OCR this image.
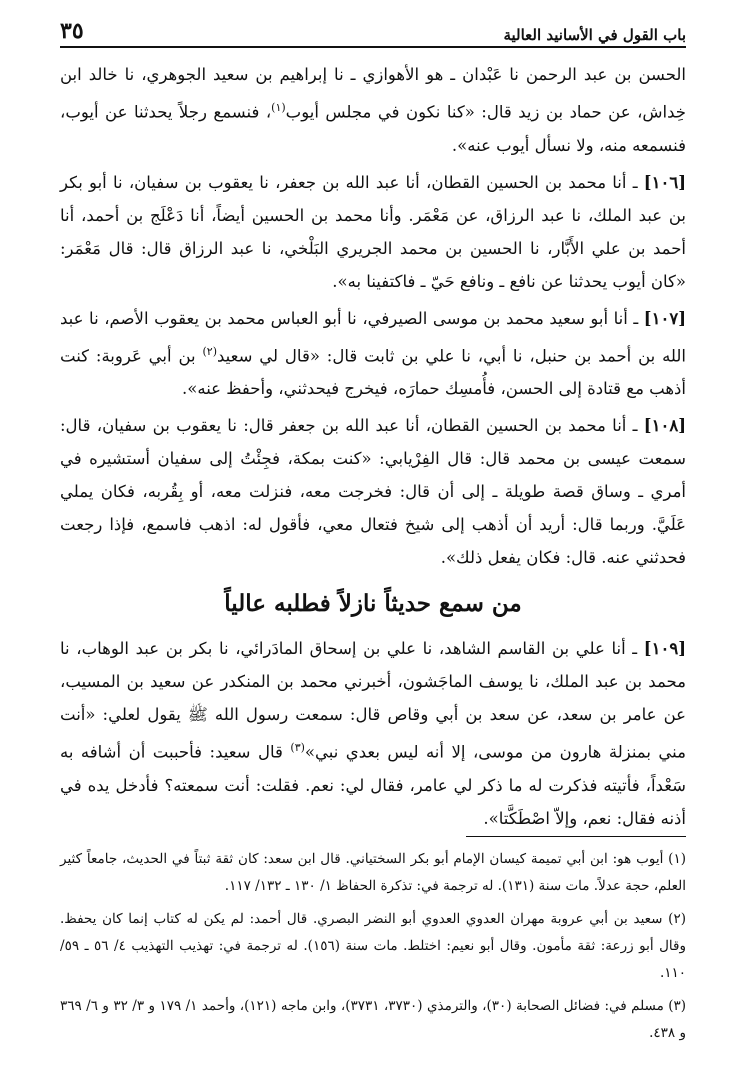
باب القول في الأسانيد العالية
٣٥

الحسن بن عبد الرحمن نا عَبْدان ـ هو الأهوازي ـ نا إبراهيم بن سعيد الجوهري، نا خالد ابن خِداش، عن حماد بن زيد قال: «كنا نكون في مجلس أيوب$^{(١)}$، فنسمع رجلاً يحدثنا عن أيوب، فنسمعه منه، ولا نسأل أيوب عنه».

[١٠٦] ـ أنا محمد بن الحسين القطان، أنا عبد الله بن جعفر، نا يعقوب بن سفيان، نا أبو بكر بن عبد الملك، نا عبد الرزاق، عن مَعْمَر. وأنا محمد بن الحسين أيضاً، أنا دَعْلَج بن أحمد، أنا أحمد بن علي الأَبَّار، نا الحسين بن محمد الجريري البَلْخي، نا عبد الرزاق قال: قال مَعْمَر: «كان أيوب يحدثنا عن نافع ـ ونافع حَيّ ـ فاكتفينا به».

[١٠٧] ـ أنا أبو سعيد محمد بن موسى الصيرفي، نا أبو العباس محمد بن يعقوب الأصم، نا عبد الله بن أحمد بن حنبل، نا أبي، نا علي بن ثابت قال: «قال لي سعيد$^{(٢)}$ بن أبي عَروبة: كنت أذهب مع قتادة إلى الحسن، فأُمسِك حمارَه، فيخرج فيحدثني، وأحفظ عنه».

[١٠٨] ـ أنا محمد بن الحسين القطان، أنا عبد الله بن جعفر قال: نا يعقوب بن سفيان، قال: سمعت عيسى بن محمد قال: قال الفِرْيابي: «كنت بمكة، فجِئْتُ إلى سفيان أستشيره في أمري ـ وساق قصة طويلة ـ إلى أن قال: فخرجت معه، فنزلت معه، أو بِقُربه، فكان يملي عَلَيَّ. وربما قال: أريد أن أذهب إلى شيخ فتعال معي، فأقول له: اذهب فاسمع، فإذا رجعت فحدثني عنه. قال: فكان يفعل ذلك».

من سمع حديثاً نازلاً فطلبه عالياً

[١٠٩] ـ أنا علي بن القاسم الشاهد، نا علي بن إسحاق المادَرائي، نا بكر بن عبد الوهاب، نا محمد بن عبد الملك، نا يوسف الماجَشون، أخبرني محمد بن المنكدر عن سعيد بن المسيب، عن عامر بن سعد، عن سعد بن أبي وقاص قال: سمعت رسول الله ﷺ يقول لعلي: «أنت مني بمنزلة هارون من موسى، إلا أنه ليس بعدي نبي»$^{(٣)}$ قال سعيد: فأحببت أن أشافه به سَعْداً، فأتيته فذكرت له ما ذكر لي عامر، فقال لي: نعم. فقلت: أنت سمعته؟ فأدخل يده في أذنه فقال: نعم، وإلاّ اصْطَكَّتا».

(١) أيوب هو: ابن أبي تميمة كيسان الإمام أبو بكر السختياني. قال ابن سعد: كان ثقة ثبتاً في الحديث، جامعاً كثير العلم، حجة عدلاً. مات سنة (١٣١). له ترجمة في: تذكرة الحفاظ ١/ ١٣٠ ـ ١٣٢/ ١١٧.

(٢) سعيد بن أبي عروبة مهران العدوي العدوي أبو النضر البصري. قال أحمد: لم يكن له كتاب إنما كان يحفظ. وقال أبو زرعة: ثقة مأمون. وقال أبو نعيم: اختلط. مات سنة (١٥٦). له ترجمة في: تهذيب التهذيب ٤/ ٥٦ ـ ٥٩/ ١١٠.

(٣) مسلم في: فضائل الصحابة (٣٠)، والترمذي (٣٧٣٠، ٣٧٣١)، وابن ماجه (١٢١)، وأحمد ١/ ١٧٩ و ٣/ ٣٢ و ٦/ ٣٦٩ و ٤٣٨.
